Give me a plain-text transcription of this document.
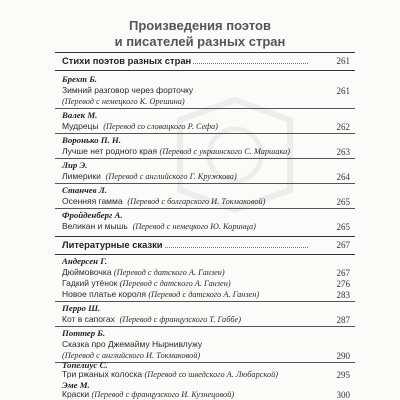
Произведения поэтов
и писателей разных стран
Стихи поэтов разных стран	261
Брехт Б.
Зимний разговор через форточку	261
(Перевод с немецкого К. Орешина)
Валек М.
Мудрецы (Перевод со словацкого Р. Сефа)	262
Воронько П. Н.
Лучше нет родного края (Перевод с украинского С. Маршака)	263
Лир Э.
Лимерики (Перевод с английского Г. Кружкова)	264
Станчев Л.
Осенняя гамма (Перевод с болгарского И. Токмаковой)	265
Фройденберг А.
Великан и мышь (Перевод с немецкого Ю. Коринца)	265
Литературные сказки	267
Андерсен Г.
Дюймовочка (Перевод с датского А. Ганзен)	267
Гадкий утёнок (Перевод с датского А. Ганзен)	276
Новое платье короля (Перевод с датского А. Ганзен)	283
Перро Ш.
Кот в сапогах (Перевод с французского Т. Габбе)	287
Поттер Б.
Сказка про Джемайму Нырнивлужу
(Перевод с английского И. Токмаковой)	290
Топелиус С.
Три ржаных колоска (Перевод со шведского А. Любарской)	295
Эме М.
Краски (Перевод с французского И. Кузнецовой)	300
